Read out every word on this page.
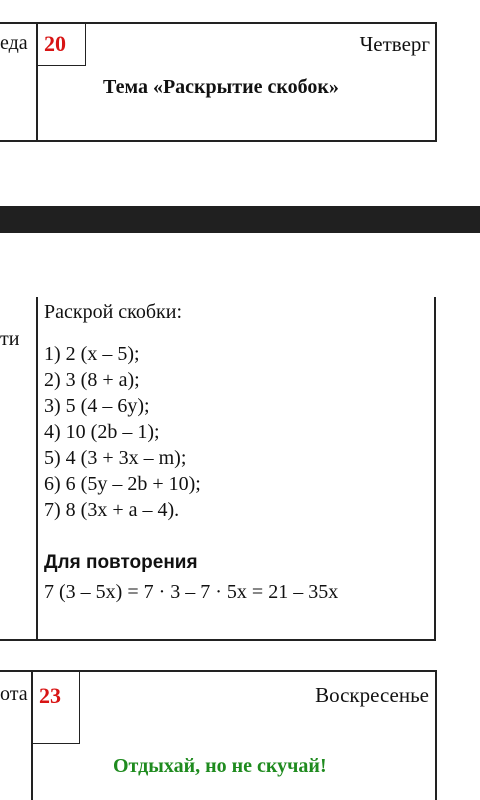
еда 20	Четверг
Тема «Раскрытие скобок»
ти
Раскрой скобки:
1) 2 (x – 5);
2) 3 (8 + a);
3) 5 (4 – 6y);
4) 10 (2b – 1);
5) 4 (3 + 3x – m);
6) 6 (5y – 2b + 10);
7) 8 (3x + a – 4).
Для повторения
7 (3 – 5x) = 7 · 3 – 7 · 5x = 21 – 35x
ота 23	Воскресенье
Отдыхай, но не скучай!
